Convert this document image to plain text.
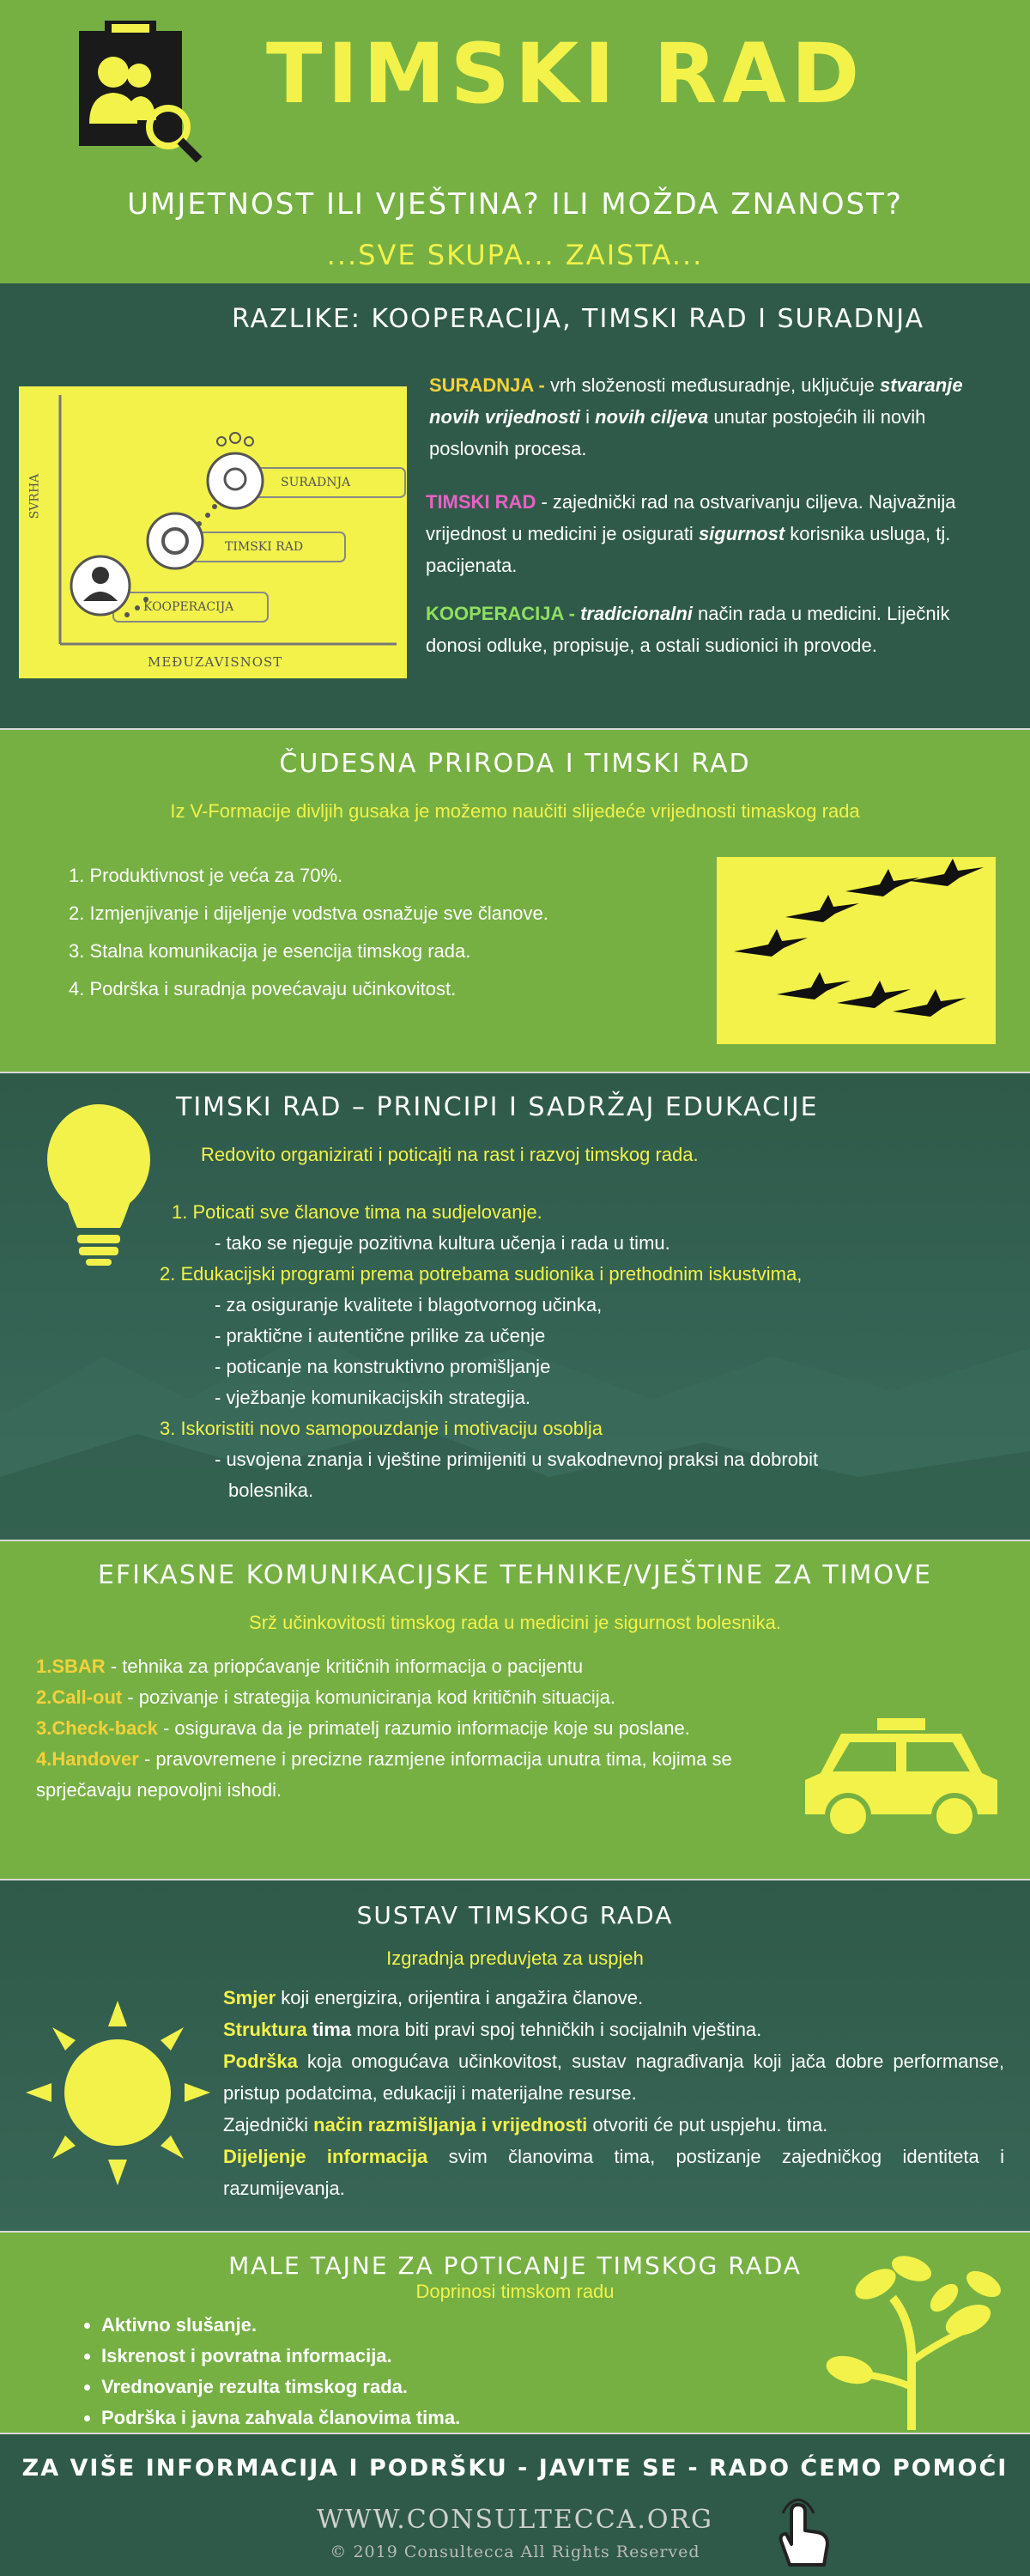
TIMSKI RAD
UMJETNOST ILI VJEŠTINA? ILI MOŽDA ZNANOST?
...SVE SKUPA... ZAISTA...
RAZLIKE: KOOPERACIJA, TIMSKI RAD I SURADNJA
SVRHA
MEĐUZAVISNOST
SURADNJA
TIMSKI RAD
KOOPERACIJA
SURADNJA - vrh složenosti međusuradnje, uključuje stvaranje novih vrijednosti i novih ciljeva unutar postojećih ili novih poslovnih procesa.
TIMSKI RAD - zajednički rad na ostvarivanju ciljeva. Najvažnija vrijednost u medicini je osigurati sigurnost korisnika usluga, tj. pacijenata.
KOOPERACIJA - tradicionalni način rada u medicini. Liječnik donosi odluke, propisuje, a ostali sudionici ih provode.
ČUDESNA PRIRODA I TIMSKI RAD
Iz V-Formacije divljih gusaka je možemo naučiti slijedeće vrijednosti timaskog rada
1. Produktivnost je veća za 70%.
2. Izmjenjivanje i dijeljenje vodstva osnažuje sve članove.
3. Stalna komunikacija je esencija timskog rada.
4. Podrška i suradnja povećavaju učinkovitost.
TIMSKI RAD – PRINCIPI I SADRŽAJ EDUKACIJE
Redovito organizirati i poticajti na rast i razvoj timskog rada.
1. Poticati sve članove tima na sudjelovanje.
- tako se njeguje pozitivna kultura učenja i rada u timu.
2. Edukacijski programi prema potrebama sudionika i prethodnim iskustvima,
- za osiguranje kvalitete i blagotvornog učinka,
- praktične i autentične prilike za učenje
- poticanje na konstruktivno promišljanje
- vježbanje komunikacijskih strategija.
3. Iskoristiti novo samopouzdanje i motivaciju osoblja
- usvojena znanja i vještine primijeniti u svakodnevnoj praksi na dobrobit
bolesnika.
EFIKASNE KOMUNIKACIJSKE TEHNIKE/VJEŠTINE ZA TIMOVE
Srž učinkovitosti timskog rada u medicini je sigurnost bolesnika.
1.SBAR - tehnika za priopćavanje kritičnih informacija o pacijentu
2.Call-out - pozivanje i strategija komuniciranja kod kritičnih situacija.
3.Check-back - osigurava da je primatelj razumio informacije koje su poslane.
4.Handover - pravovremene i precizne razmjene informacija unutra tima, kojima se sprječavaju nepovoljni ishodi.
SUSTAV TIMSKOG RADA
Izgradnja preduvjeta za uspjeh
Smjer koji energizira, orijentira i angažira članove.
Struktura tima mora biti pravi spoj tehničkih i socijalnih vještina.
Podrška koja omogućava učinkovitost, sustav nagrađivanja koji jača dobre performanse, pristup podatcima, edukaciji i materijalne resurse.
Zajednički način razmišljanja i vrijednosti otvoriti će put uspjehu. tima.
Dijeljenje informacija svim članovima tima, postizanje zajedničkog identiteta i razumijevanja.
MALE TAJNE ZA POTICANJE TIMSKOG RADA
Doprinosi timskom radu
• Aktivno slušanje.
• Iskrenost i povratna informacija.
• Vrednovanje rezulta timskog rada.
• Podrška i javna zahvala članovima tima.
ZA VIŠE INFORMACIJA I PODRŠKU - JAVITE SE - RADO ĆEMO POMOĆI
WWW.CONSULTECCA.ORG
© 2019 Consultecca All Rights Reserved
